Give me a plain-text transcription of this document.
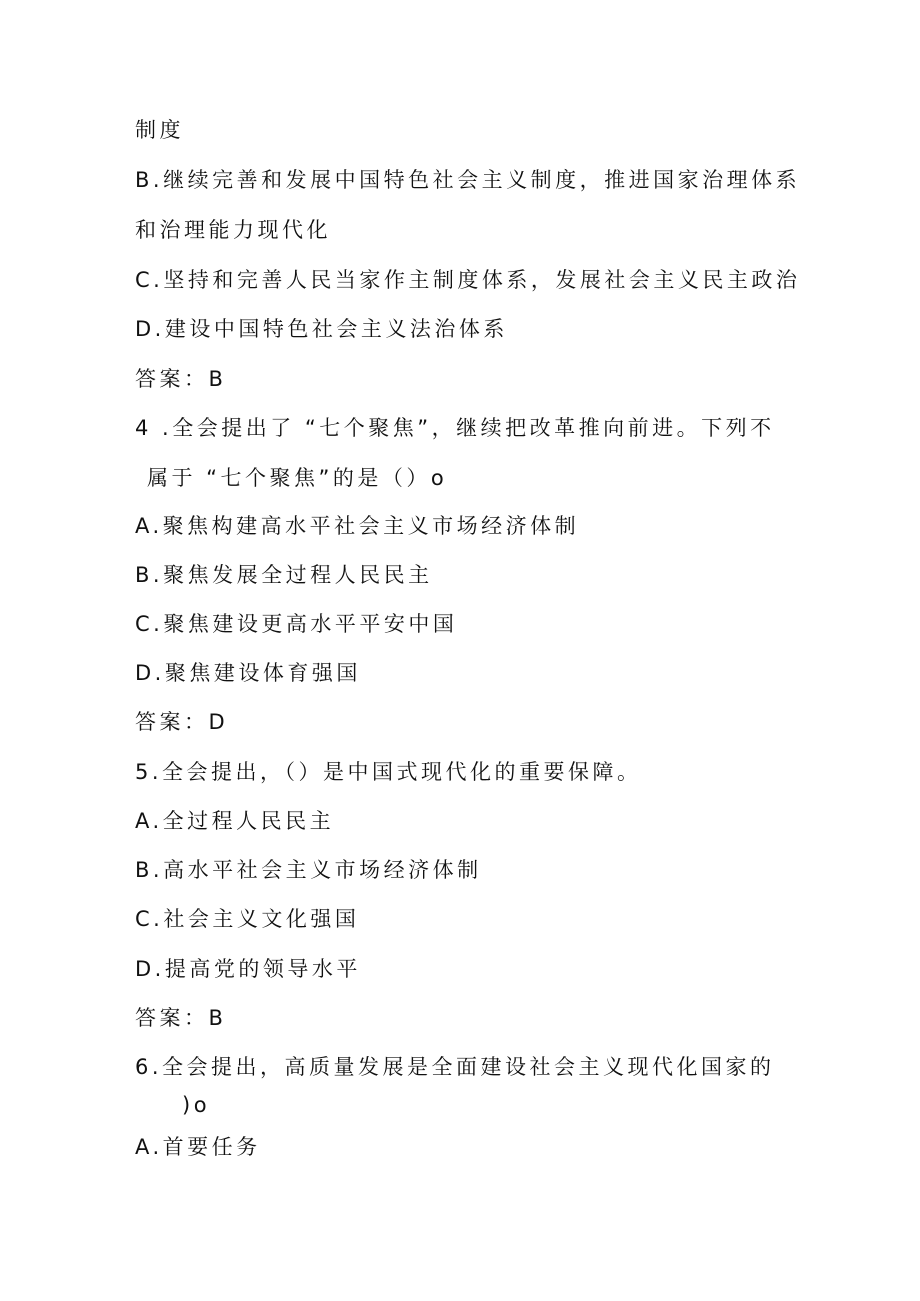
制度
B.继续完善和发展中国特色社会主义制度，推进国家治理体系
和治理能力现代化
C.坚持和完善人民当家作主制度体系，发展社会主义民主政治
D.建设中国特色社会主义法治体系
答案：B
4 .全会提出了 “七个聚焦”，继续把改革推向前进。下列不
属于 “七个聚焦”的是（）o
A.聚焦构建高水平社会主义市场经济体制
B.聚焦发展全过程人民民主
C.聚焦建设更高水平平安中国
D.聚焦建设体育强国
答案：D
5.全会提出，（）是中国式现代化的重要保障。
A.全过程人民民主
B.高水平社会主义市场经济体制
C.社会主义文化强国
D.提高党的领导水平
答案：B
6.全会提出，高质量发展是全面建设社会主义现代化国家的
)o
A.首要任务
